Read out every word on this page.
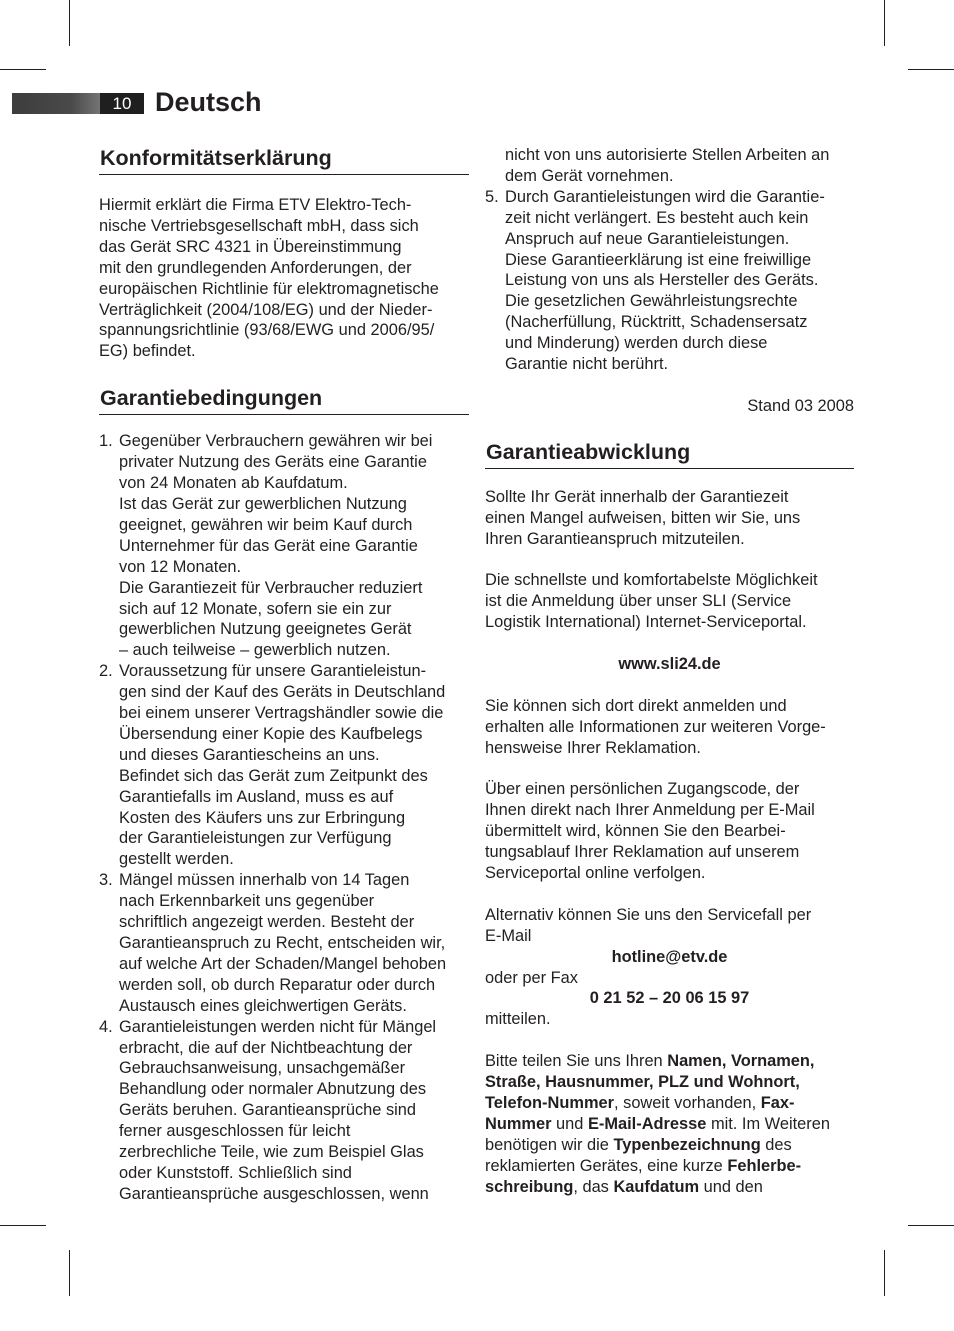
10 Deutsch
Konformitätserklärung

Hiermit erklärt die Firma ETV Elektro-Tech-
nische Vertriebsgesellschaft mbH, dass sich
das Gerät SRC 4321 in Übereinstimmung
mit den grundlegenden Anforderungen, der
europäischen Richtlinie für elektromagnetische
Verträglichkeit (2004/108/EG) und der Nieder-
spannungsrichtlinie (93/68/EWG und 2006/95/
EG) befindet.

Garantiebedingungen
1. Gegenüber Verbrauchern gewähren wir bei
privater Nutzung des Geräts eine Garantie
von 24 Monaten ab Kaufdatum.
Ist das Gerät zur gewerblichen Nutzung
geeignet, gewähren wir beim Kauf durch
Unternehmer für das Gerät eine Garantie
von 12 Monaten.
Die Garantiezeit für Verbraucher reduziert
sich auf 12 Monate, sofern sie ein zur
gewerblichen Nutzung geeignetes Gerät
– auch teilweise – gewerblich nutzen.
2. Voraussetzung für unsere Garantieleistun-
gen sind der Kauf des Geräts in Deutschland
bei einem unserer Vertragshändler sowie die
Übersendung einer Kopie des Kaufbelegs
und dieses Garantiescheins an uns.
Befindet sich das Gerät zum Zeitpunkt des
Garantiefalls im Ausland, muss es auf
Kosten des Käufers uns zur Erbringung
der Garantieleistungen zur Verfügung
gestellt werden.
3. Mängel müssen innerhalb von 14 Tagen
nach Erkennbarkeit uns gegenüber
schriftlich angezeigt werden. Besteht der
Garantieanspruch zu Recht, entscheiden wir,
auf welche Art der Schaden/Mangel behoben
werden soll, ob durch Reparatur oder durch
Austausch eines gleichwertigen Geräts.
4. Garantieleistungen werden nicht für Mängel
erbracht, die auf der Nichtbeachtung der
Gebrauchsanweisung, unsachgemäßer
Behandlung oder normaler Abnutzung des
Geräts beruhen. Garantieansprüche sind
ferner ausgeschlossen für leicht
zerbrechliche Teile, wie zum Beispiel Glas
oder Kunststoff. Schließlich sind
Garantieansprüche ausgeschlossen, wenn
nicht von uns autorisierte Stellen Arbeiten an
dem Gerät vornehmen.
5. Durch Garantieleistungen wird die Garantie-
zeit nicht verlängert. Es besteht auch kein
Anspruch auf neue Garantieleistungen.
Diese Garantieerklärung ist eine freiwillige
Leistung von uns als Hersteller des Geräts.
Die gesetzlichen Gewährleistungsrechte
(Nacherfüllung, Rücktritt, Schadensersatz
und Minderung) werden durch diese
Garantie nicht berührt.

Stand 03 2008

Garantieabwicklung

Sollte Ihr Gerät innerhalb der Garantiezeit
einen Mangel aufweisen, bitten wir Sie, uns
Ihren Garantieanspruch mitzuteilen.

Die schnellste und komfortabelste Möglichkeit
ist die Anmeldung über unser SLI (Service
Logistik International) Internet-Serviceportal.

www.sli24.de

Sie können sich dort direkt anmelden und
erhalten alle Informationen zur weiteren Vorge-
hensweise Ihrer Reklamation.

Über einen persönlichen Zugangscode, der
Ihnen direkt nach Ihrer Anmeldung per E-Mail
übermittelt wird, können Sie den Bearbei-
tungsablauf Ihrer Reklamation auf unserem
Serviceportal online verfolgen.

Alternativ können Sie uns den Servicefall per
E-Mail

hotline@etv.de

oder per Fax

0 21 52 – 20 06 15 97

mitteilen.

Bitte teilen Sie uns Ihren Namen, Vornamen,
Straße, Hausnummer, PLZ und Wohnort,
Telefon-Nummer, soweit vorhanden, Fax-
Nummer und E-Mail-Adresse mit. Im Weiteren
benötigen wir die Typenbezeichnung des
reklamierten Gerätes, eine kurze Fehlerbe-
schreibung, das Kaufdatum und den
